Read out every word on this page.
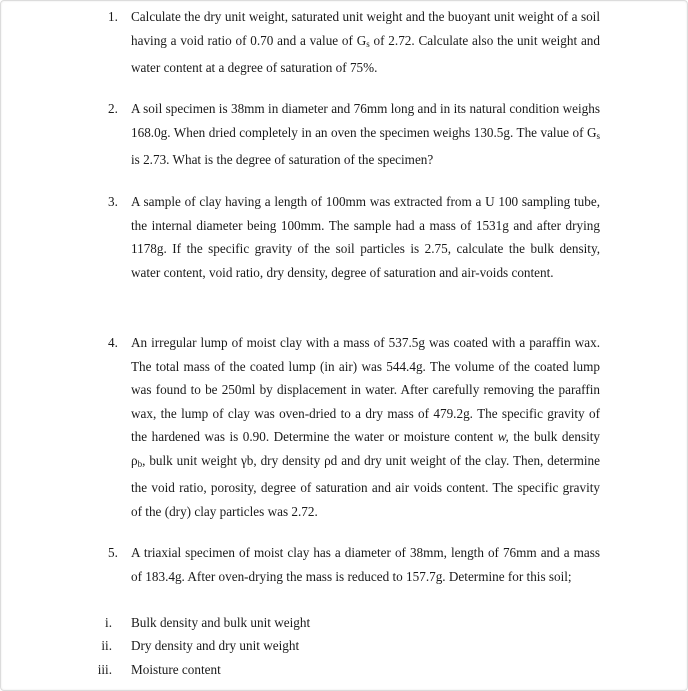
1. Calculate the dry unit weight, saturated unit weight and the buoyant unit weight of a soil having a void ratio of 0.70 and a value of Gs of 2.72. Calculate also the unit weight and water content at a degree of saturation of 75%.
2. A soil specimen is 38mm in diameter and 76mm long and in its natural condition weighs 168.0g. When dried completely in an oven the specimen weighs 130.5g. The value of Gs is 2.73. What is the degree of saturation of the specimen?
3. A sample of clay having a length of 100mm was extracted from a U 100 sampling tube, the internal diameter being 100mm. The sample had a mass of 1531g and after drying 1178g. If the specific gravity of the soil particles is 2.75, calculate the bulk density, water content, void ratio, dry density, degree of saturation and air-voids content.
4. An irregular lump of moist clay with a mass of 537.5g was coated with a paraffin wax. The total mass of the coated lump (in air) was 544.4g. The volume of the coated lump was found to be 250ml by displacement in water. After carefully removing the paraffin wax, the lump of clay was oven-dried to a dry mass of 479.2g. The specific gravity of the hardened was is 0.90. Determine the water or moisture content w, the bulk density ρb, bulk unit weight γb, dry density ρd and dry unit weight of the clay. Then, determine the void ratio, porosity, degree of saturation and air voids content. The specific gravity of the (dry) clay particles was 2.72.
5. A triaxial specimen of moist clay has a diameter of 38mm, length of 76mm and a mass of 183.4g. After oven-drying the mass is reduced to 157.7g. Determine for this soil;
i. Bulk density and bulk unit weight
ii. Dry density and dry unit weight
iii. Moisture content
